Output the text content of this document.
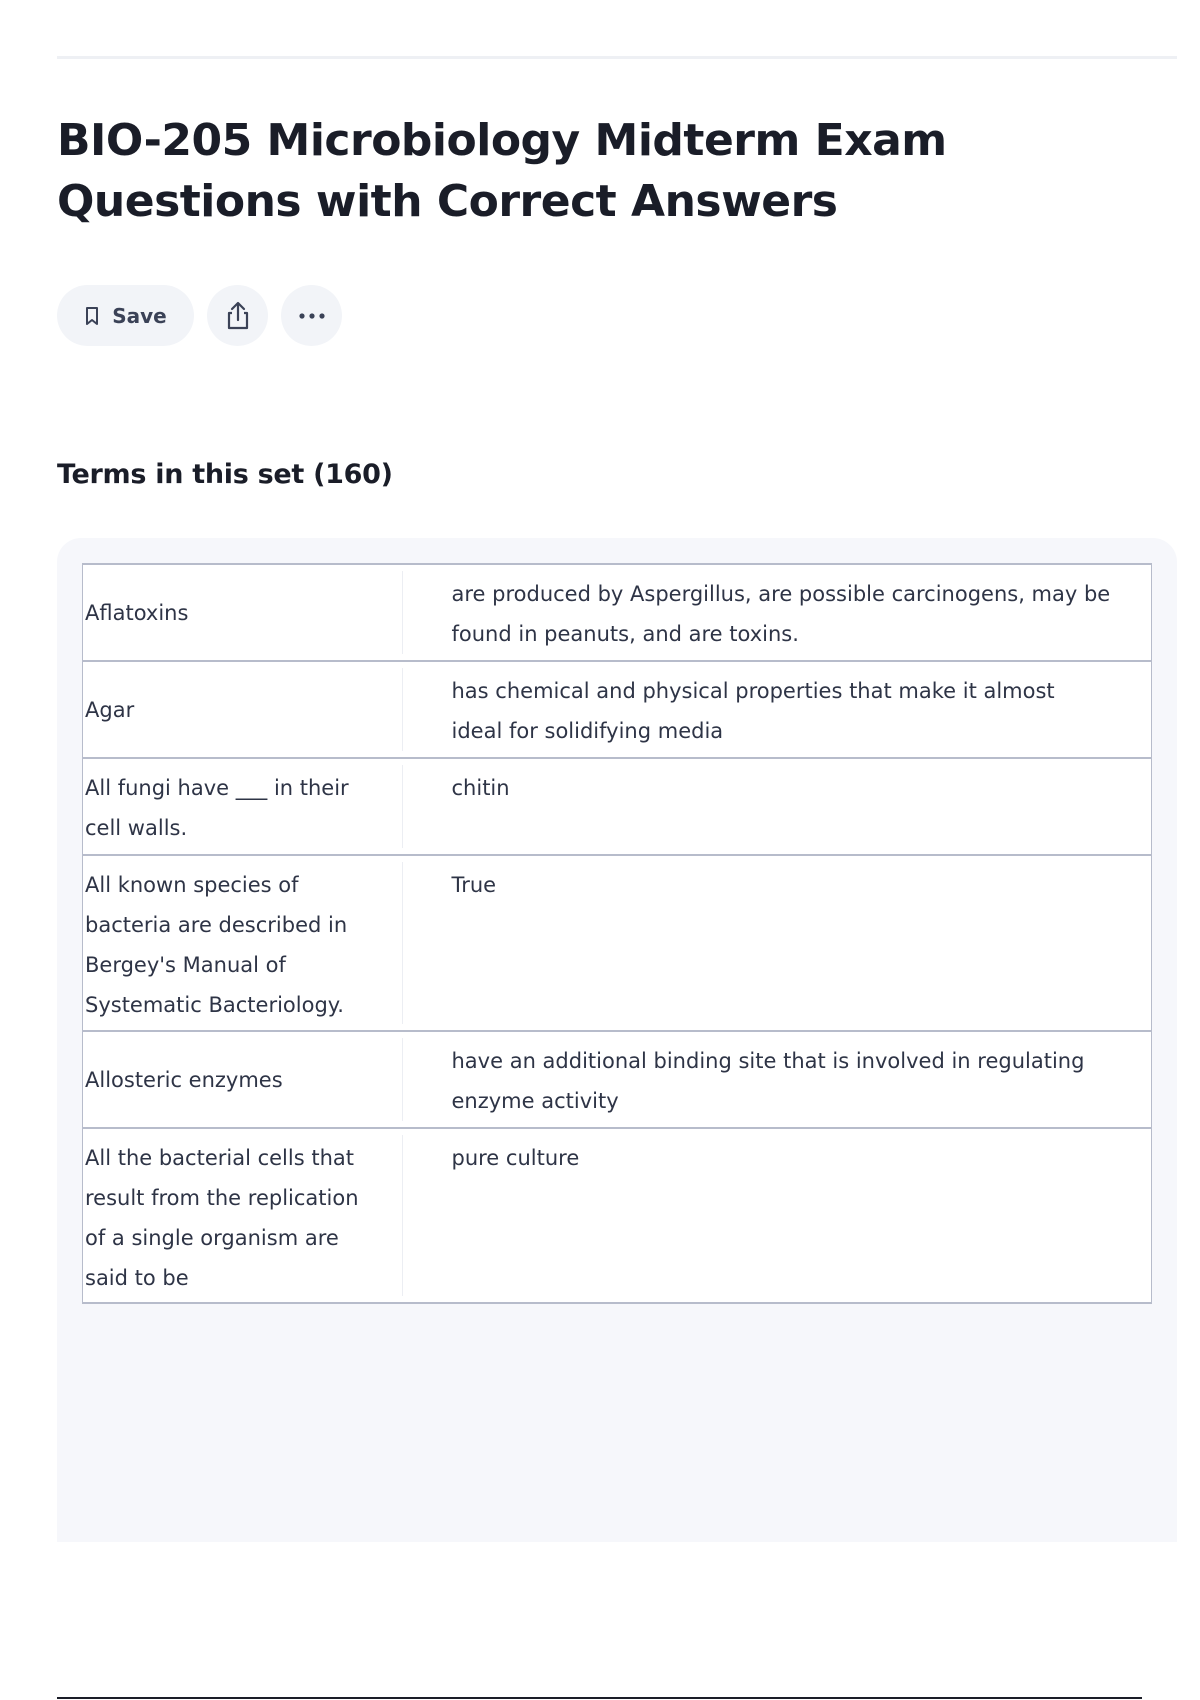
BIO-205 Microbiology Midterm Exam Questions with Correct Answers
Save
Terms in this set (160)
Aflatoxins	are produced by Aspergillus, are possible carcinogens, may be found in peanuts, and are toxins.
Agar	has chemical and physical properties that make it almost ideal for solidifying media
All fungi have ___ in their cell walls.	chitin
All known species of bacteria are described in Bergey's Manual of Systematic Bacteriology.	True
Allosteric enzymes	have an additional binding site that is involved in regulating enzyme activity
All the bacterial cells that result from the replication of a single organism are said to be	pure culture
